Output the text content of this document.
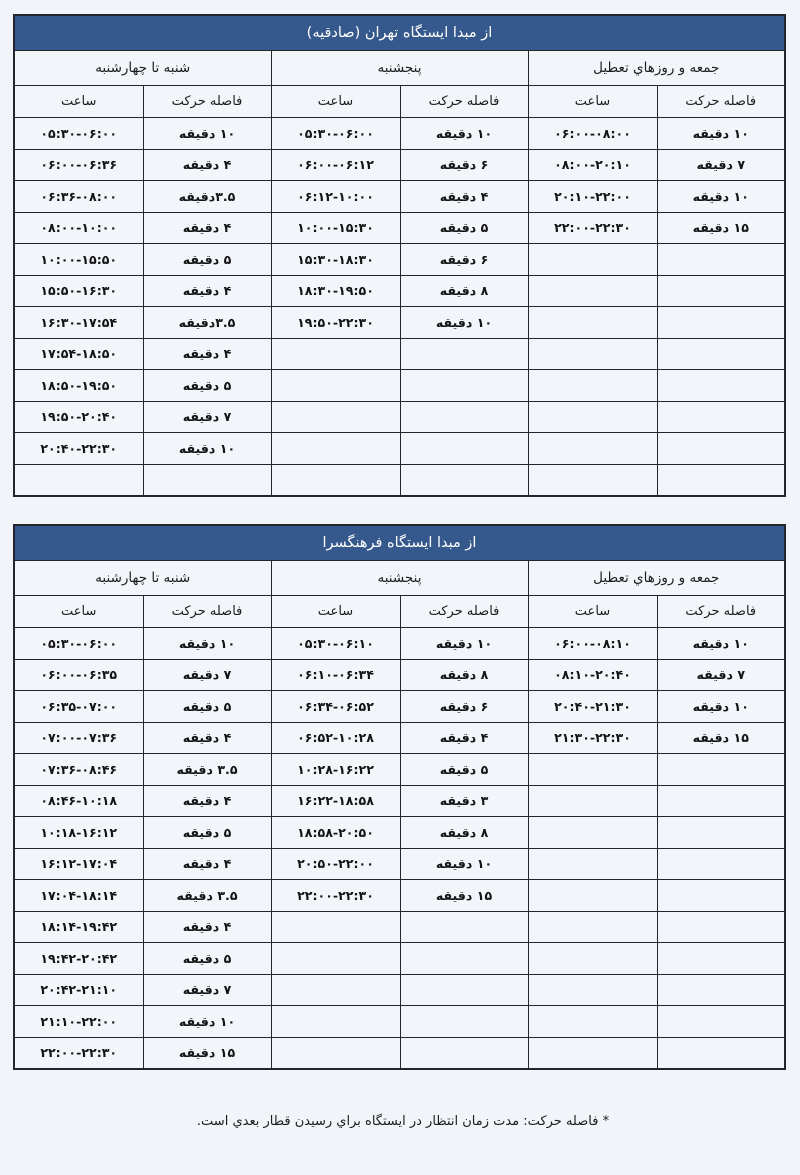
از مبدا ایستگاه تهران (صادقیه)					
جمعه و روزهاي تعطیل		پنجشنبه		شنبه تا چهارشنبه	
فاصله حرکت	ساعت	فاصله حرکت	ساعت	فاصله حرکت	ساعت
۱۰ دقیقه	۰۶:۰۰-۰۸:۰۰	۱۰ دقیقه	۰۵:۳۰-۰۶:۰۰	۱۰ دقیقه	۰۵:۳۰-۰۶:۰۰
۷ دقیقه	۰۸:۰۰-۲۰:۱۰	۶ دقیقه	۰۶:۰۰-۰۶:۱۲	۴ دقیقه	۰۶:۰۰-۰۶:۳۶
۱۰ دقیقه	۲۰:۱۰-۲۲:۰۰	۴ دقیقه	۰۶:۱۲-۱۰:۰۰	۳.۵دقیقه	۰۶:۳۶-۰۸:۰۰
۱۵ دقیقه	۲۲:۰۰-۲۲:۳۰	۵ دقیقه	۱۰:۰۰-۱۵:۳۰	۴ دقیقه	۰۸:۰۰-۱۰:۰۰
		۶ دقیقه	۱۵:۳۰-۱۸:۳۰	۵ دقیقه	۱۰:۰۰-۱۵:۵۰
		۸ دقیقه	۱۸:۳۰-۱۹:۵۰	۴ دقیقه	۱۵:۵۰-۱۶:۳۰
		۱۰ دقیقه	۱۹:۵۰-۲۲:۳۰	۳.۵دقیقه	۱۶:۳۰-۱۷:۵۴
				۴ دقیقه	۱۷:۵۴-۱۸:۵۰
				۵ دقیقه	۱۸:۵۰-۱۹:۵۰
				۷ دقیقه	۱۹:۵۰-۲۰:۴۰
				۱۰ دقیقه	۲۰:۴۰-۲۲:۳۰

از مبدا ایستگاه فرهنگسرا					
جمعه و روزهاي تعطیل		پنجشنبه		شنبه تا چهارشنبه	
فاصله حرکت	ساعت	فاصله حرکت	ساعت	فاصله حرکت	ساعت
۱۰ دقیقه	۰۶:۰۰-۰۸:۱۰	۱۰ دقیقه	۰۵:۳۰-۰۶:۱۰	۱۰ دقیقه	۰۵:۳۰-۰۶:۰۰
۷ دقیقه	۰۸:۱۰-۲۰:۴۰	۸ دقیقه	۰۶:۱۰-۰۶:۳۴	۷ دقیقه	۰۶:۰۰-۰۶:۳۵
۱۰ دقیقه	۲۰:۴۰-۲۱:۳۰	۶ دقیقه	۰۶:۳۴-۰۶:۵۲	۵ دقیقه	۰۶:۳۵-۰۷:۰۰
۱۵ دقیقه	۲۱:۳۰-۲۲:۳۰	۴ دقیقه	۰۶:۵۲-۱۰:۲۸	۴ دقیقه	۰۷:۰۰-۰۷:۳۶
		۵ دقیقه	۱۰:۲۸-۱۶:۲۲	۳.۵ دقیقه	۰۷:۳۶-۰۸:۴۶
		۳ دقیقه	۱۶:۲۲-۱۸:۵۸	۴ دقیقه	۰۸:۴۶-۱۰:۱۸
		۸ دقیقه	۱۸:۵۸-۲۰:۵۰	۵ دقیقه	۱۰:۱۸-۱۶:۱۲
		۱۰ دقیقه	۲۰:۵۰-۲۲:۰۰	۴ دقیقه	۱۶:۱۲-۱۷:۰۴
		۱۵ دقیقه	۲۲:۰۰-۲۲:۳۰	۳.۵ دقیقه	۱۷:۰۴-۱۸:۱۴
				۴ دقیقه	۱۸:۱۴-۱۹:۴۲
				۵ دقیقه	۱۹:۴۲-۲۰:۴۲
				۷ دقیقه	۲۰:۴۲-۲۱:۱۰
				۱۰ دقیقه	۲۱:۱۰-۲۲:۰۰
				۱۵ دقیقه	۲۲:۰۰-۲۲:۳۰
* فاصله حرکت: مدت زمان انتظار در ایستگاه براي رسیدن قطار بعدي است.
